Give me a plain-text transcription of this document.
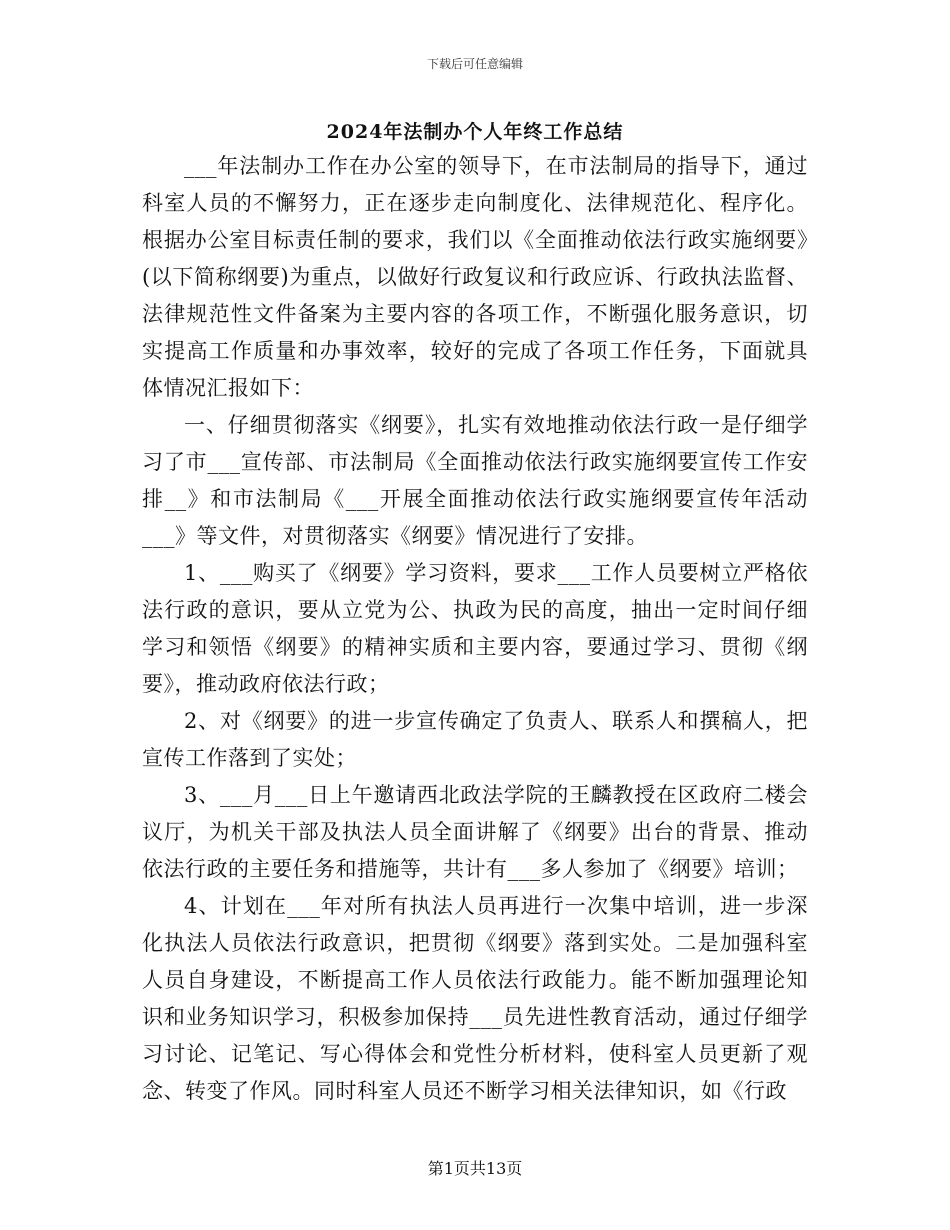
下载后可任意编辑
2024年法制办个人年终工作总结

___年法制办工作在办公室的领导下，在市法制局的指导下，通过科室人员的不懈努力，正在逐步走向制度化、法律规范化、程序化。根据办公室目标责任制的要求，我们以《全面推动依法行政实施纲要》(以下简称纲要)为重点，以做好行政复议和行政应诉、行政执法监督、法律规范性文件备案为主要内容的各项工作，不断强化服务意识，切实提高工作质量和办事效率，较好的完成了各项工作任务，下面就具体情况汇报如下：

一、仔细贯彻落实《纲要》，扎实有效地推动依法行政一是仔细学习了市___宣传部、市法制局《全面推动依法行政实施纲要宣传工作安排__》和市法制局《___开展全面推动依法行政实施纲要宣传年活动___》等文件，对贯彻落实《纲要》情况进行了安排。

1、___购买了《纲要》学习资料，要求___工作人员要树立严格依法行政的意识，要从立党为公、执政为民的高度，抽出一定时间仔细学习和领悟《纲要》的精神实质和主要内容，要通过学习、贯彻《纲要》，推动政府依法行政；

2、对《纲要》的进一步宣传确定了负责人、联系人和撰稿人，把宣传工作落到了实处；

3、___月___日上午邀请西北政法学院的王麟教授在区政府二楼会议厅，为机关干部及执法人员全面讲解了《纲要》出台的背景、推动依法行政的主要任务和措施等，共计有___多人参加了《纲要》培训；

4、计划在___年对所有执法人员再进行一次集中培训，进一步深化执法人员依法行政意识，把贯彻《纲要》落到实处。二是加强科室人员自身建设，不断提高工作人员依法行政能力。能不断加强理论知识和业务知识学习，积极参加保持___员先进性教育活动，通过仔细学习讨论、记笔记、写心得体会和党性分析材料，使科室人员更新了观念、转变了作风。同时科室人员还不断学习相关法律知识，如《行政

第1页共13页
